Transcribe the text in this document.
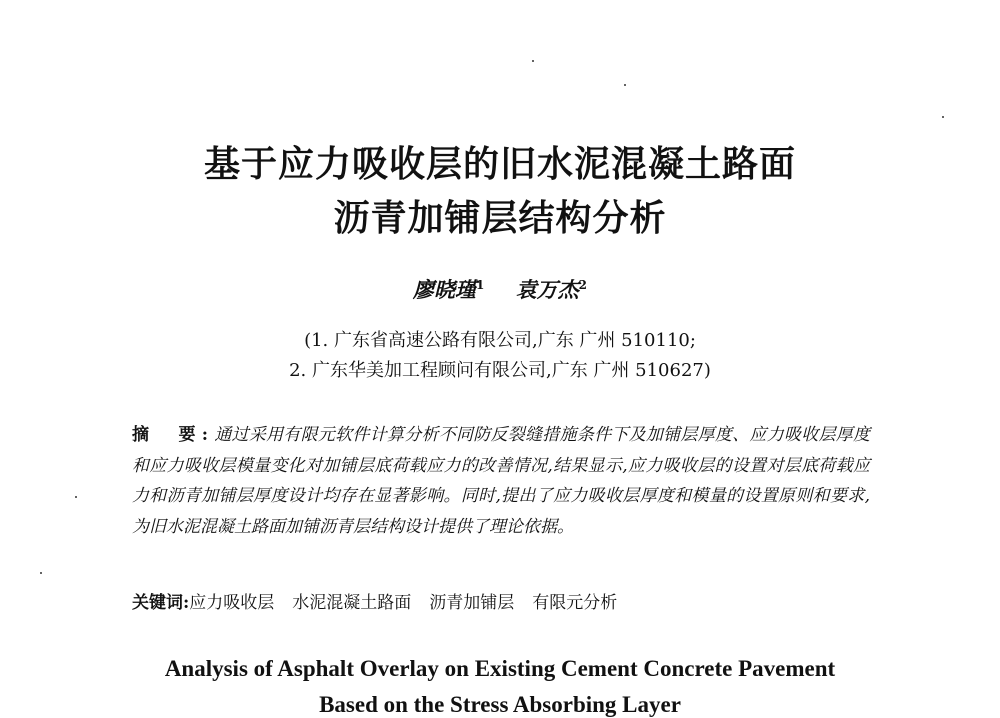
基于应力吸收层的旧水泥混凝土路面
沥青加铺层结构分析
廖晓瑾$^1$ 袁万杰$^2$
(1. 广东省高速公路有限公司,广东 广州 510110;
2. 广东华美加工程顾问有限公司,广东 广州 510627)
摘　要:通过采用有限元软件计算分析不同防反裂缝措施条件下及加铺层厚度、应力吸收层厚度和应力吸收层模量变化对加铺层底荷载应力的改善情况,结果显示,应力吸收层的设置对层底荷载应力和沥青加铺层厚度设计均存在显著影响。同时,提出了应力吸收层厚度和模量的设置原则和要求,为旧水泥混凝土路面加铺沥青层结构设计提供了理论依据。
关键词:应力吸收层 水泥混凝土路面 沥青加铺层 有限元分析
Analysis of Asphalt Overlay on Existing Cement Concrete Pavement
Based on the Stress Absorbing Layer
